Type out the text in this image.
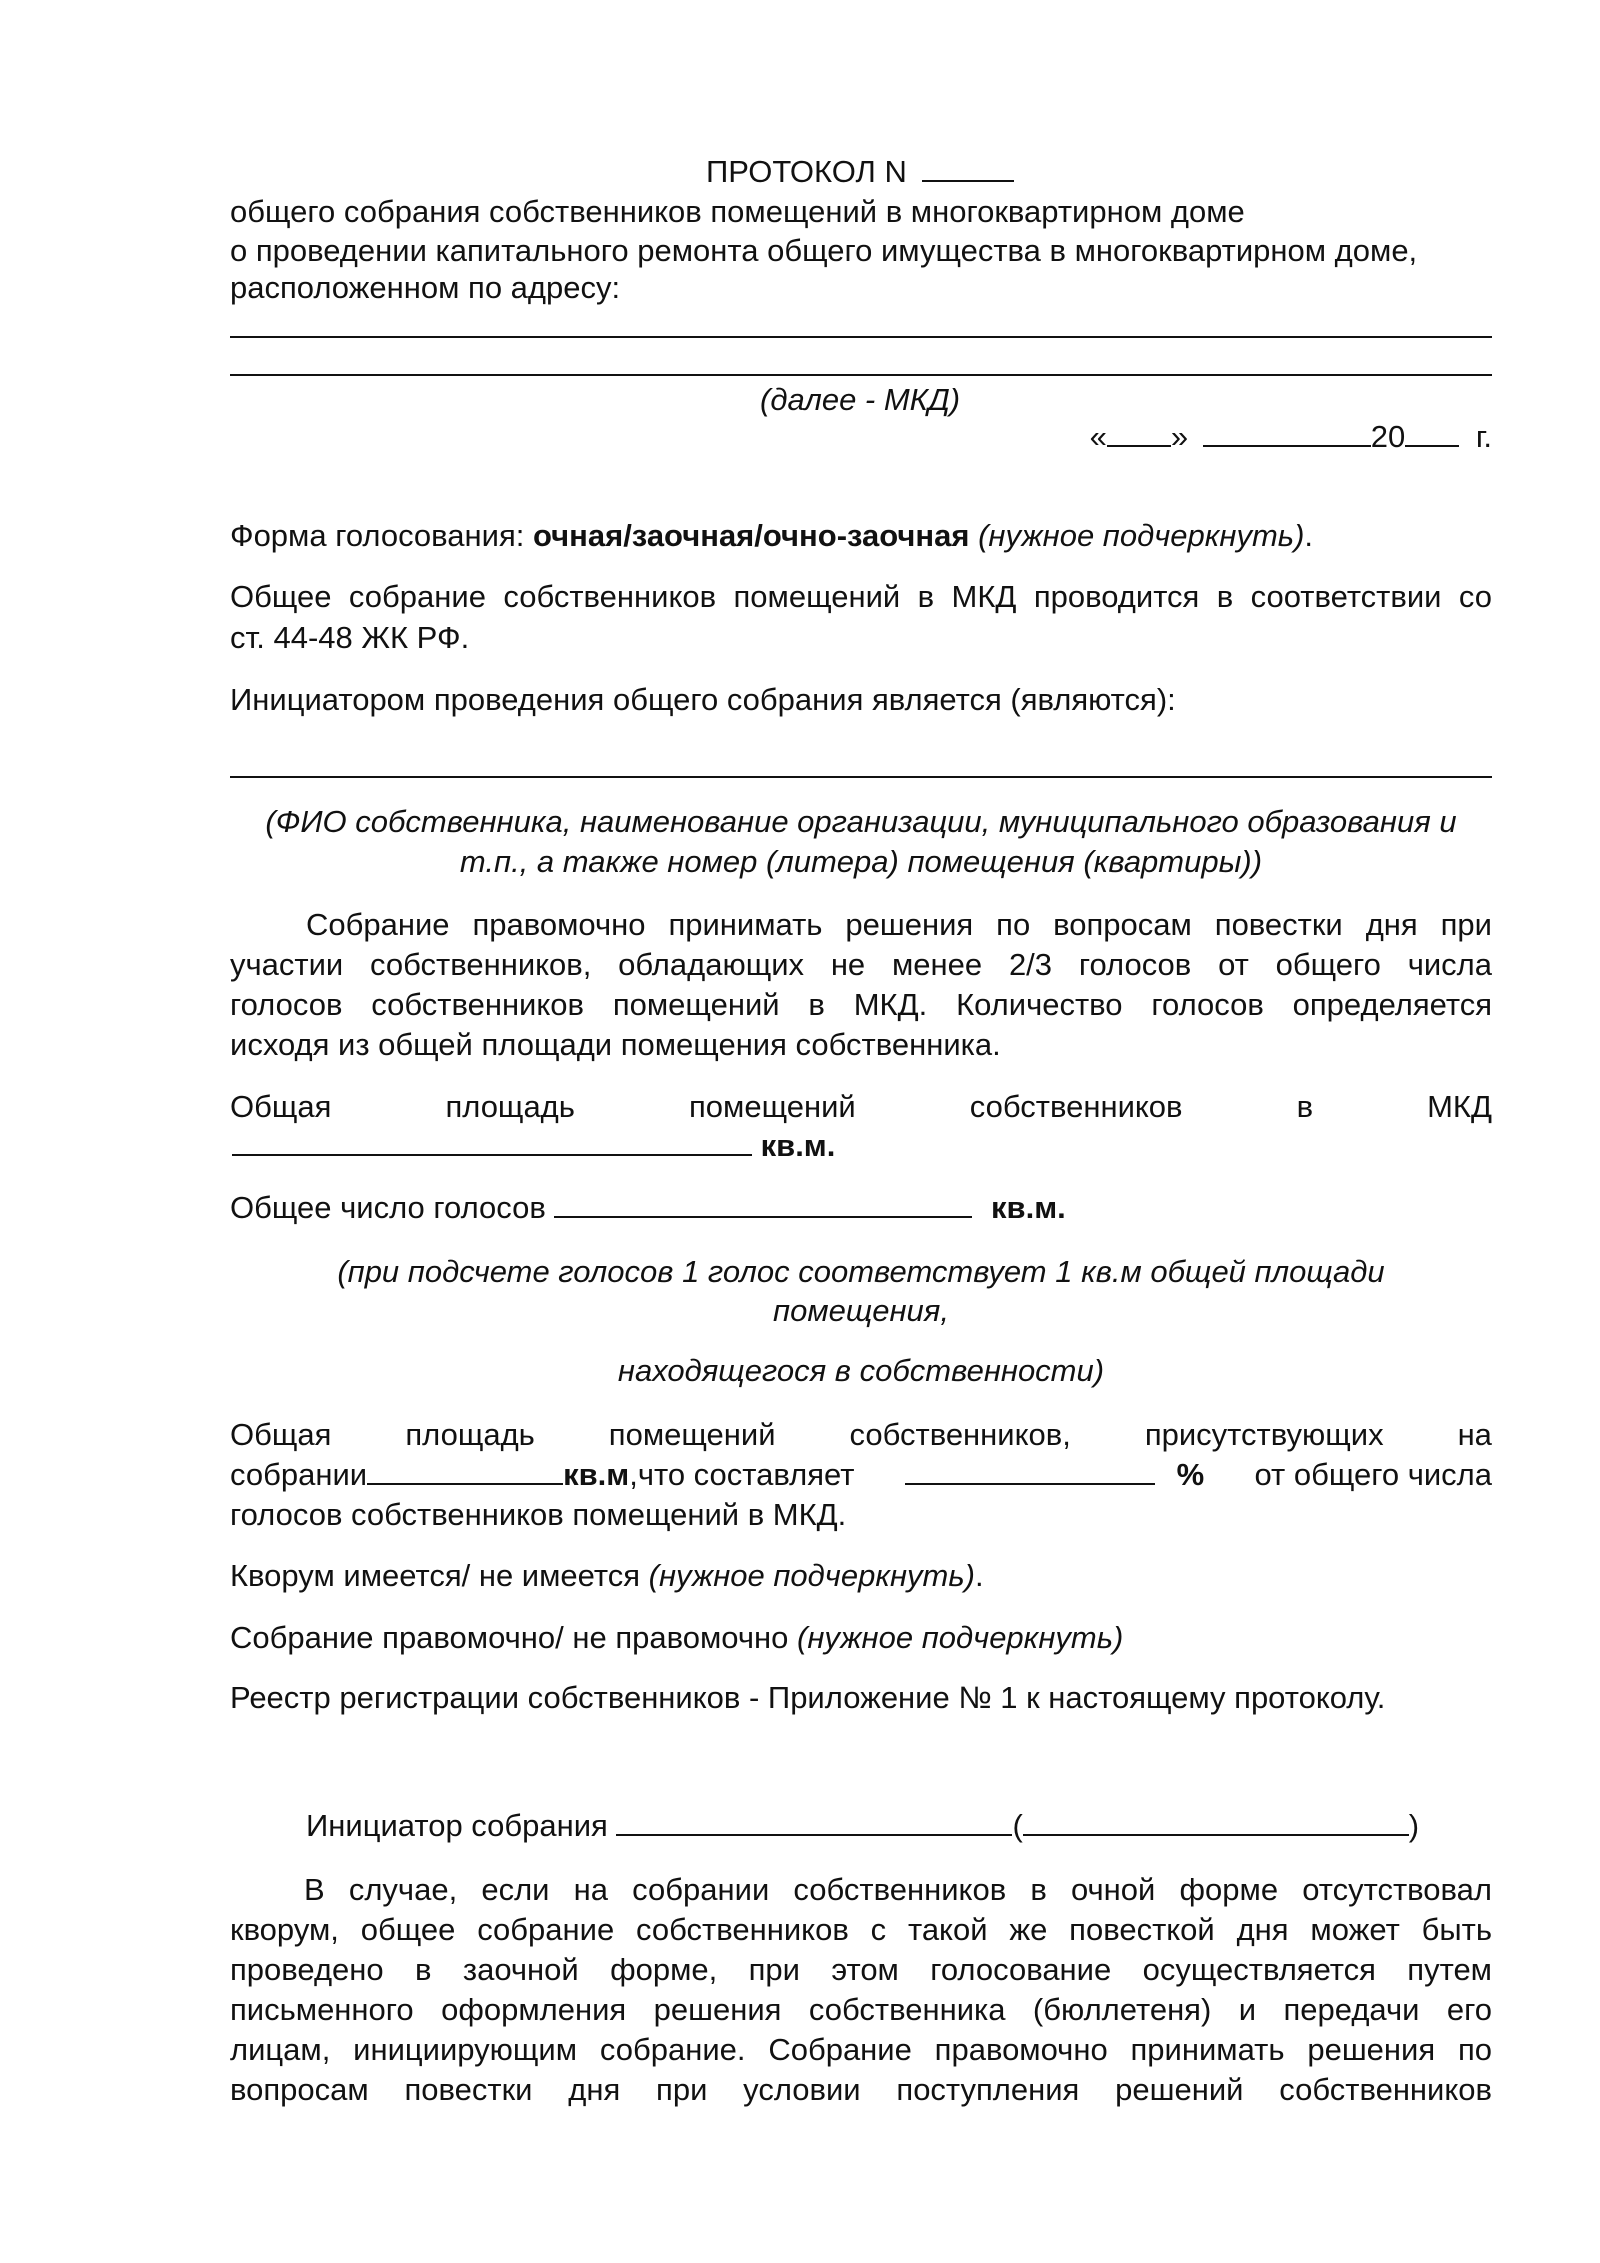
ПРОТОКОЛ N
общего собрания собственников помещений в многоквартирном доме
о проведении капитального ремонта общего имущества в многоквартирном доме,
расположенном по адресу:
(далее - МКД)
« »	20 г.
Форма голосования: очная/заочная/очно-заочная (нужное подчеркнуть).
Общее собрание собственников помещений в МКД проводится в соответствии со
ст. 44-48 ЖК РФ.
Инициатором проведения общего собрания является (являются):
(ФИО собственника, наименование организации, муниципального образования и
т.п., а также номер (литера) помещения (квартиры))
Собрание правомочно принимать решения по вопросам повестки дня при
участии собственников, обладающих не менее 2/3 голосов от общего числа
голосов собственников помещений в МКД. Количество голосов определяется
исходя из общей площади помещения собственника.
Общая	площадь	помещений	собственников	в	МКД
кв.м.
Общее число голосов	кв.м.
(при подсчете голосов 1 голос соответствует 1 кв.м общей площади
помещения,
находящегося в собственности)
Общая площадь помещений собственников, присутствующих на
собрании	кв.м,что составляет	% от общего числа
голосов собственников помещений в МКД.
Кворум имеется/ не имеется (нужное подчеркнуть).
Собрание правомочно/ не правомочно (нужное подчеркнуть)
Реестр регистрации собственников - Приложение № 1 к настоящему протоколу.
Инициатор собрания	(	)
В случае, если на собрании собственников в очной форме отсутствовал
кворум, общее собрание собственников с такой же повесткой дня может быть
проведено в заочной форме, при этом голосование осуществляется путем
письменного оформления решения собственника (бюллетеня) и передачи его
лицам, инициирующим собрание. Собрание правомочно принимать решения по
вопросам повестки дня при условии поступления решений собственников
